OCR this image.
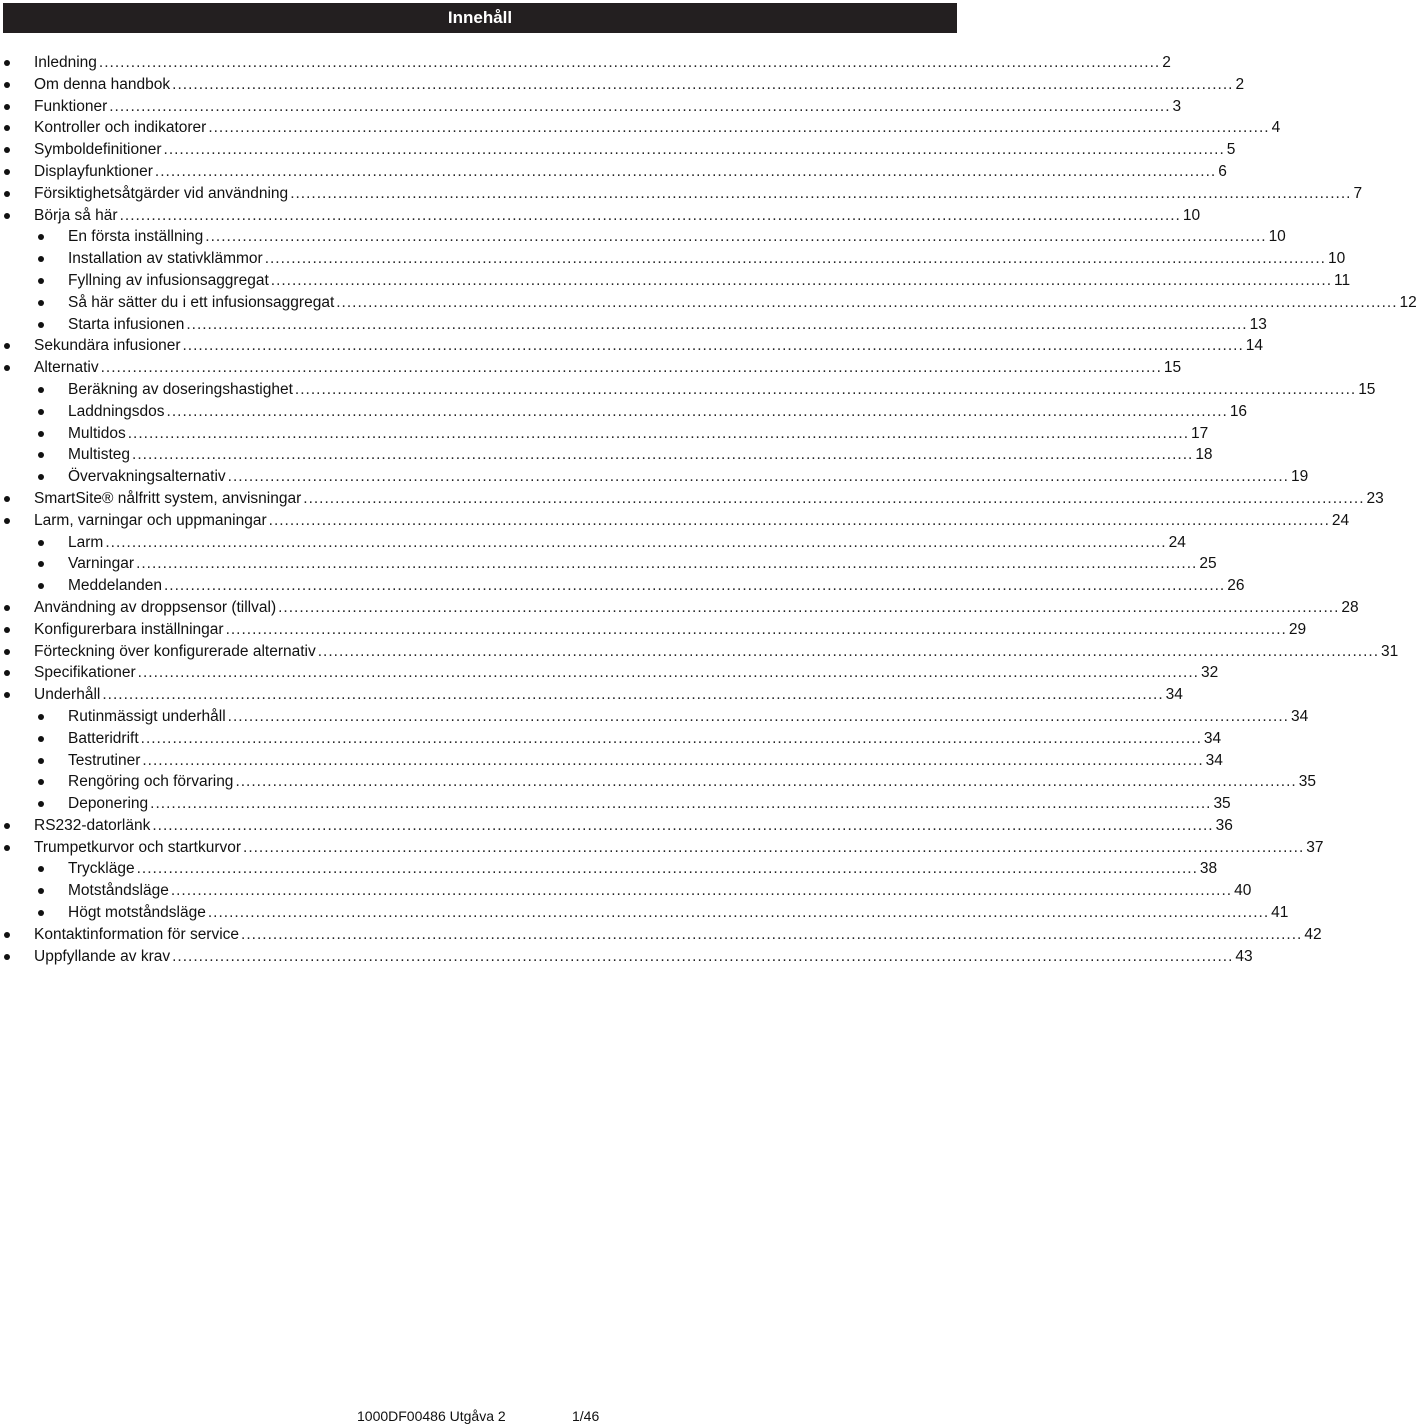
Innehåll
Inledning ........................................................................................................................................................................................................ 2
Om denna handbok ........................................................................................................................................................................................................ 2
Funktioner ........................................................................................................................................................................................................ 3
Kontroller och indikatorer ........................................................................................................................................................................................................ 4
Symboldefinitioner ........................................................................................................................................................................................................ 5
Displayfunktioner ........................................................................................................................................................................................................ 6
Försiktighetsåtgärder vid användning ........................................................................................................................................................................................................ 7
Börja så här ........................................................................................................................................................................................................ 10
En första inställning ........................................................................................................................................................................................................ 10
Installation av stativklämmor ........................................................................................................................................................................................................ 10
Fyllning av infusionsaggregat ........................................................................................................................................................................................................ 11
Så här sätter du i ett infusionsaggregat ........................................................................................................................................................................................................ 12
Starta infusionen ........................................................................................................................................................................................................ 13
Sekundära infusioner ........................................................................................................................................................................................................ 14
Alternativ ........................................................................................................................................................................................................ 15
Beräkning av doseringshastighet ........................................................................................................................................................................................................ 15
Laddningsdos ........................................................................................................................................................................................................ 16
Multidos ........................................................................................................................................................................................................ 17
Multisteg ........................................................................................................................................................................................................ 18
Övervakningsalternativ ........................................................................................................................................................................................................ 19
SmartSite® nålfritt system, anvisningar ........................................................................................................................................................................................................ 23
Larm, varningar och uppmaningar ........................................................................................................................................................................................................ 24
Larm ........................................................................................................................................................................................................ 24
Varningar ........................................................................................................................................................................................................ 25
Meddelanden ........................................................................................................................................................................................................ 26
Användning av droppsensor (tillval) ........................................................................................................................................................................................................ 28
Konfigurerbara inställningar ........................................................................................................................................................................................................ 29
Förteckning över konfigurerade alternativ ........................................................................................................................................................................................................ 31
Specifikationer ........................................................................................................................................................................................................ 32
Underhåll ........................................................................................................................................................................................................ 34
Rutinmässigt underhåll ........................................................................................................................................................................................................ 34
Batteridrift ........................................................................................................................................................................................................ 34
Testrutiner ........................................................................................................................................................................................................ 34
Rengöring och förvaring ........................................................................................................................................................................................................ 35
Deponering ........................................................................................................................................................................................................ 35
RS232-datorlänk ........................................................................................................................................................................................................ 36
Trumpetkurvor och startkurvor ........................................................................................................................................................................................................ 37
Tryckläge ........................................................................................................................................................................................................ 38
Motståndsläge ........................................................................................................................................................................................................ 40
Högt motståndsläge ........................................................................................................................................................................................................ 41
Kontaktinformation för service ........................................................................................................................................................................................................ 42
Uppfyllande av krav ........................................................................................................................................................................................................ 43
1000DF00486 Utgåva 2	1/46
